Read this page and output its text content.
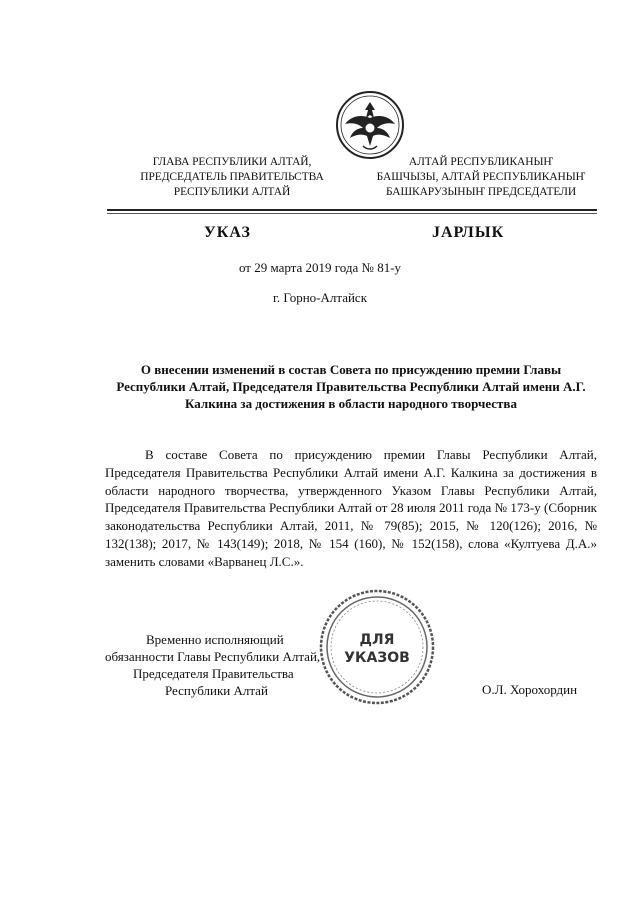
ГЛАВА РЕСПУБЛИКИ АЛТАЙ,
ПРЕДСЕДАТЕЛЬ ПРАВИТЕЛЬСТВА
РЕСПУБЛИКИ АЛТАЙ
АЛТАЙ РЕСПУБЛИКАНЫҤ
БАШЧЫЗЫ, АЛТАЙ РЕСПУБЛИКАНЫҤ
БАШКАРУЗЫНЫҤ ПРЕДСЕДАТЕЛИ
УКАЗ	JАРЛЫК
от 29 марта 2019 года № 81-у
г. Горно-Алтайск
О внесении изменений в состав Совета по присуждению премии Главы Республики Алтай, Председателя Правительства Республики Алтай имени А.Г. Калкина за достижения в области народного творчества
В составе Совета по присуждению премии Главы Республики Алтай, Председателя Правительства Республики Алтай имени А.Г. Калкина за достижения в области народного творчества, утвержденного Указом Главы Республики Алтай, Председателя Правительства Республики Алтай от 28 июля 2011 года № 173-у (Сборник законодательства Республики Алтай, 2011, № 79(85); 2015, № 120(126); 2016, № 132(138); 2017, № 143(149); 2018, № 154 (160), № 152(158), слова «Култуева Д.А.» заменить словами «Варванец Л.С.».
ДЛЯ
УКАЗОВ
Временно исполняющий
обязанности Главы Республики Алтай,
Председателя Правительства
Республики Алтай	О.Л. Хорохордин
